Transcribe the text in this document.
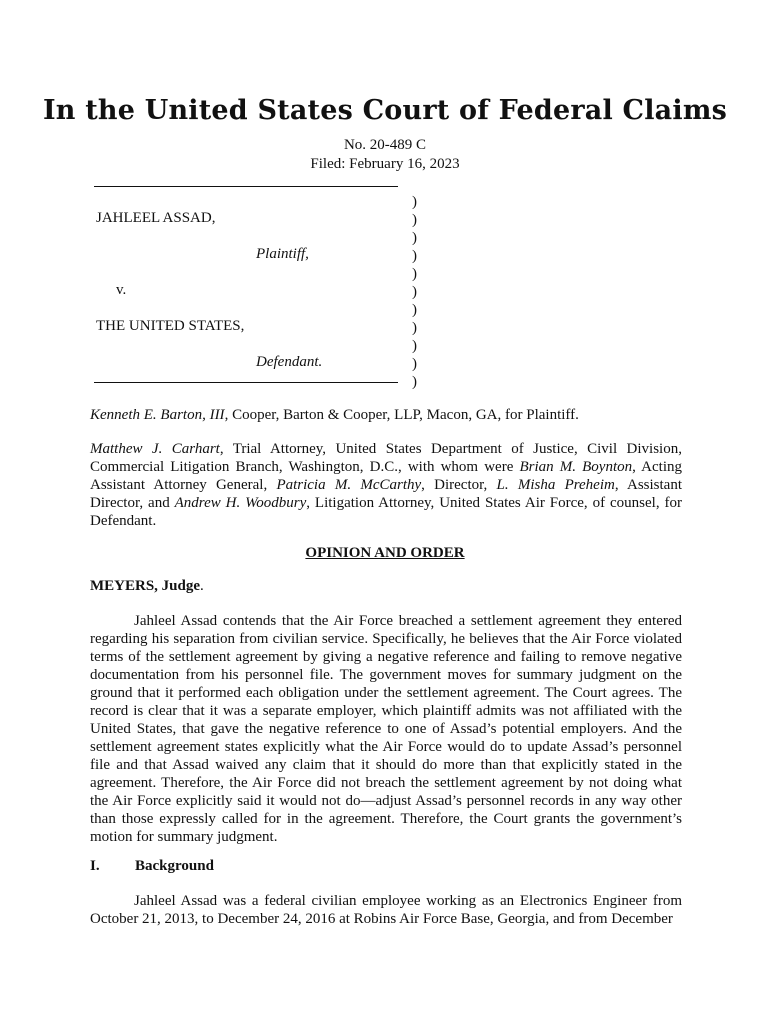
In the United States Court of Federal Claims
No. 20-489 C
Filed: February 16, 2023
JAHLEEL ASSAD,
Plaintiff,
v.
THE UNITED STATES,
Defendant.
)
)
)
)
)
)
)
)
)
)
)
Kenneth E. Barton, III, Cooper, Barton & Cooper, LLP, Macon, GA, for Plaintiff.
Matthew J. Carhart, Trial Attorney, United States Department of Justice, Civil Division, Commercial Litigation Branch, Washington, D.C., with whom were Brian M. Boynton, Acting Assistant Attorney General, Patricia M. McCarthy, Director, L. Misha Preheim, Assistant Director, and Andrew H. Woodbury, Litigation Attorney, United States Air Force, of counsel, for Defendant.
OPINION AND ORDER
MEYERS, Judge.
Jahleel Assad contends that the Air Force breached a settlement agreement they entered regarding his separation from civilian service. Specifically, he believes that the Air Force violated terms of the settlement agreement by giving a negative reference and failing to remove negative documentation from his personnel file. The government moves for summary judgment on the ground that it performed each obligation under the settlement agreement. The Court agrees. The record is clear that it was a separate employer, which plaintiff admits was not affiliated with the United States, that gave the negative reference to one of Assad’s potential employers. And the settlement agreement states explicitly what the Air Force would do to update Assad’s personnel file and that Assad waived any claim that it should do more than that explicitly stated in the agreement. Therefore, the Air Force did not breach the settlement agreement by not doing what the Air Force explicitly said it would not do—adjust Assad’s personnel records in any way other than those expressly called for in the agreement. Therefore, the Court grants the government’s motion for summary judgment.
I. Background
Jahleel Assad was a federal civilian employee working as an Electronics Engineer from October 21, 2013, to December 24, 2016 at Robins Air Force Base, Georgia, and from December
